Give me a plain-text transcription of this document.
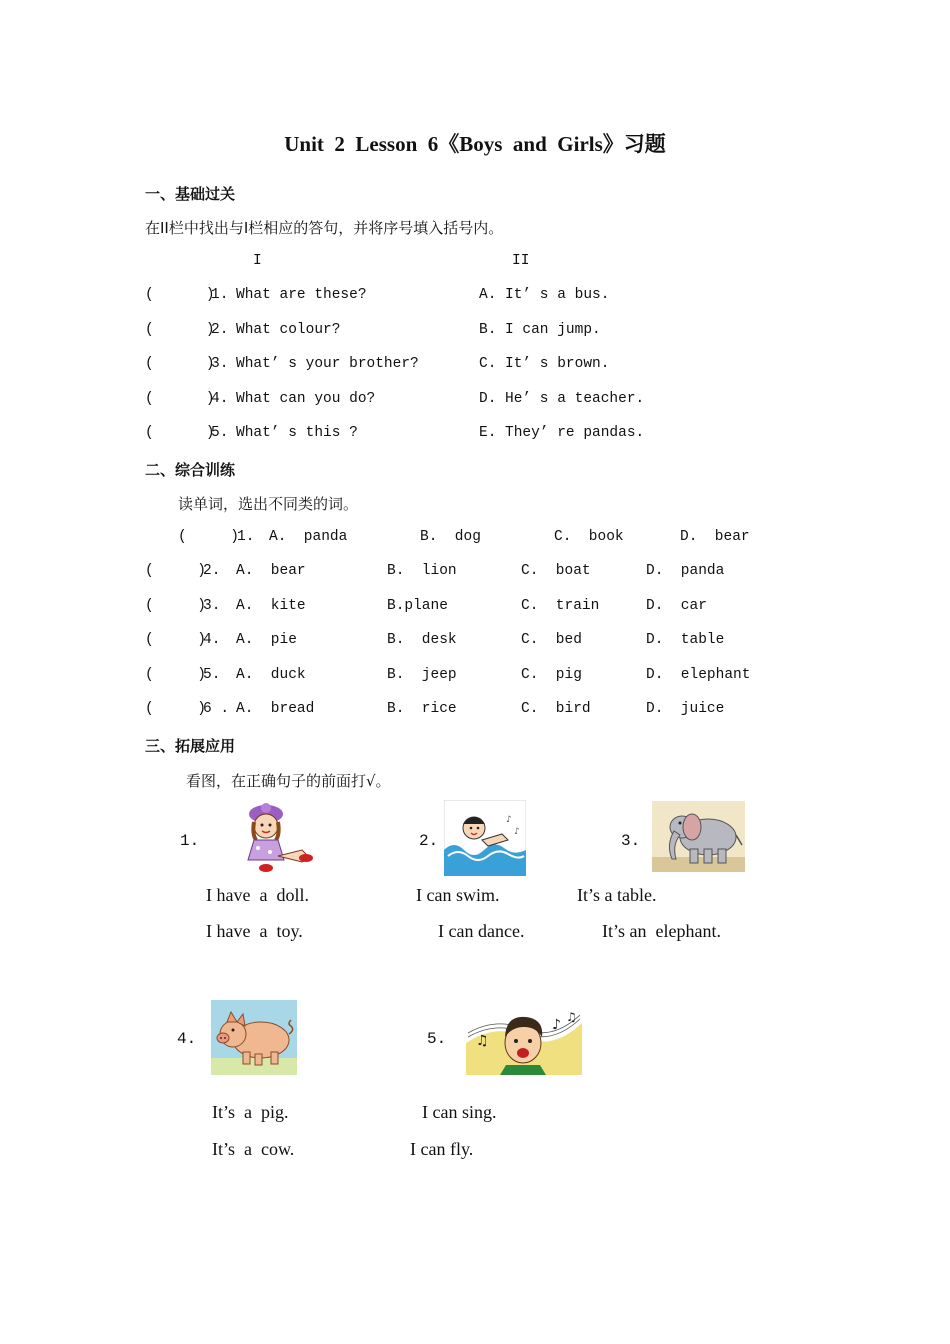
Unit  2  Lesson  6《Boys  and  Girls》习题
一、基础过关
在II栏中找出与I栏相应的答句，并将序号填入括号内。
I	II
(      )
1. What are these?	A. It’ s a bus.
(      )
2. What colour?	B. I can jump.
(      )
3. What’ s your brother?	C. It’ s brown.
(      )
4. What can you do?	D. He’ s a teacher.
(      )
5. What’ s this ?	E. They’ re pandas.
二、综合训练
读单词，选出不同类的词。
(     )
1. A.  panda	B.  dog	C.  book	D.  bear
(     )
2. A.  bear	B.  lion	C.  boat	D.  panda
(     )
3. A.  kite	B.plane	C.  train	D.  car
(     )
4. A.  pie	B.  desk	C.  bed	D.  table
(     )
5. A.  duck	B.  jeep	C.  pig	D.  elephant
(     )
6 . A.  bread	B.  rice	C.  bird	D.  juice
三、拓展应用
看图，在正确句子的前面打√。
1.
I have  a  doll.
I have  a  toy.
2.
♪
♪
I can swim.
I can dance.
3.
It’s a table.
It’s an  elephant.
4.
It’s  a  pig.
It’s  a  cow.
5. ♫
♪ ♫
I can sing.
I can fly.
